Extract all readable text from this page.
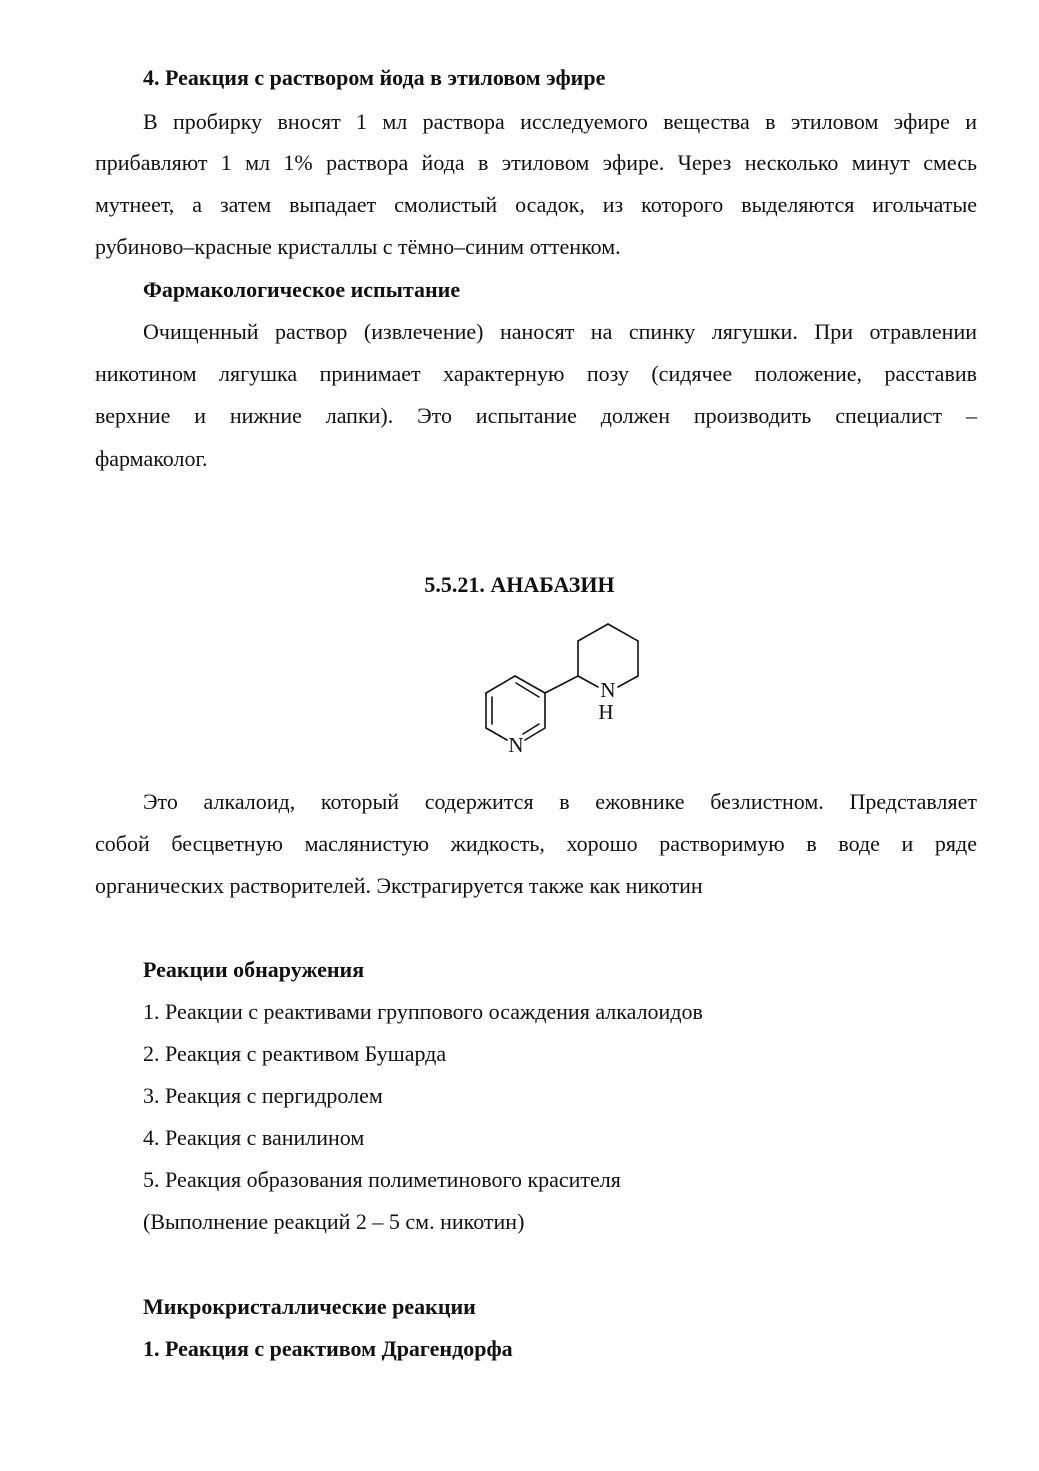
4. Реакция с раствором йода в этиловом эфире

В пробирку вносят 1 мл раствора исследуемого вещества в этиловом эфире и

прибавляют 1 мл 1% раствора йода в этиловом эфире. Через несколько минут смесь

мутнеет, а затем выпадает смолистый осадок, из которого выделяются игольчатые

рубиново–красные кристаллы с тёмно–синим оттенком.

Фармакологическое испытание

Очищенный раствор (извлечение) наносят на спинку лягушки. При отравлении

никотином лягушка принимает характерную позу (сидячее положение, расставив

верхние и нижние лапки). Это испытание должен производить специалист –

фармаколог.

5.5.21. АНАБАЗИН

N
N
H

Это алкалоид, который содержится в ежовнике безлистном. Представляет

собой бесцветную маслянистую жидкость, хорошо растворимую в воде и ряде

органических растворителей. Экстрагируется также как никотин

Реакции обнаружения

1. Реакции с реактивами группового осаждения алкалоидов

2. Реакция с реактивом Бушарда

3. Реакция с пергидролем

4. Реакция с ванилином

5. Реакция образования полиметинового красителя

(Выполнение реакций 2 – 5 см. никотин)

Микрокристаллические реакции

1. Реакция с реактивом Драгендорфа
